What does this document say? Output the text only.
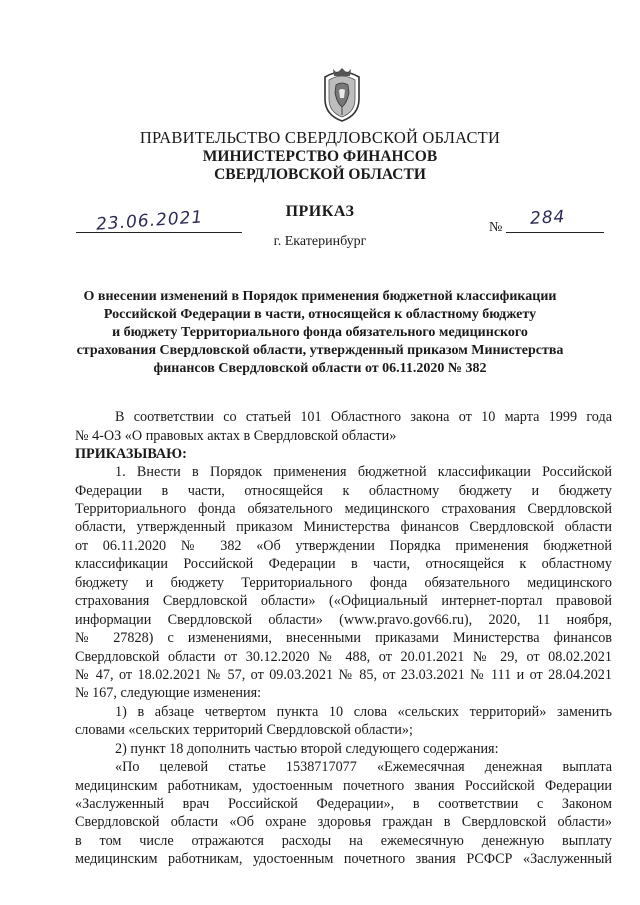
ПРАВИТЕЛЬСТВО СВЕРДЛОВСКОЙ ОБЛАСТИ
МИНИСТЕРСТВО ФИНАНСОВ
СВЕРДЛОВСКОЙ ОБЛАСТИ
ПРИКАЗ
23.06.2021	№ 284
г. Екатеринбург
О внесении изменений в Порядок применения бюджетной классификации
Российской Федерации в части, относящейся к областному бюджету
и бюджету Территориального фонда обязательного медицинского
страхования Свердловской области, утвержденный приказом Министерства
финансов Свердловской области от 06.11.2020 № 382
В соответствии со статьей 101 Областного закона от 10 марта 1999 года
№ 4-ОЗ «О правовых актах в Свердловской области»
ПРИКАЗЫВАЮ:
1. Внести в Порядок применения бюджетной классификации Российской
Федерации в части, относящейся к областному бюджету и бюджету
Территориального фонда обязательного медицинского страхования Свердловской
области, утвержденный приказом Министерства финансов Свердловской области
от 06.11.2020 № 382 «Об утверждении Порядка применения бюджетной
классификации Российской Федерации в части, относящейся к областному
бюджету и бюджету Территориального фонда обязательного медицинского
страхования Свердловской области» («Официальный интернет-портал правовой
информации Свердловской области» (www.pravo.gov66.ru), 2020, 11 ноября,
№ 27828) с изменениями, внесенными приказами Министерства финансов
Свердловской области от 30.12.2020 № 488, от 20.01.2021 № 29, от 08.02.2021
№ 47, от 18.02.2021 № 57, от 09.03.2021 № 85, от 23.03.2021 № 111 и от 28.04.2021
№ 167, следующие изменения:
1) в абзаце четвертом пункта 10 слова «сельских территорий» заменить
словами «сельских территорий Свердловской области»;
2) пункт 18 дополнить частью второй следующего содержания:
«По целевой статье 1538717077 «Ежемесячная денежная выплата
медицинским работникам, удостоенным почетного звания Российской Федерации
«Заслуженный врач Российской Федерации», в соответствии с Законом
Свердловской области «Об охране здоровья граждан в Свердловской области»
в том числе отражаются расходы на ежемесячную денежную выплату
медицинским работникам, удостоенным почетного звания РСФСР «Заслуженный
